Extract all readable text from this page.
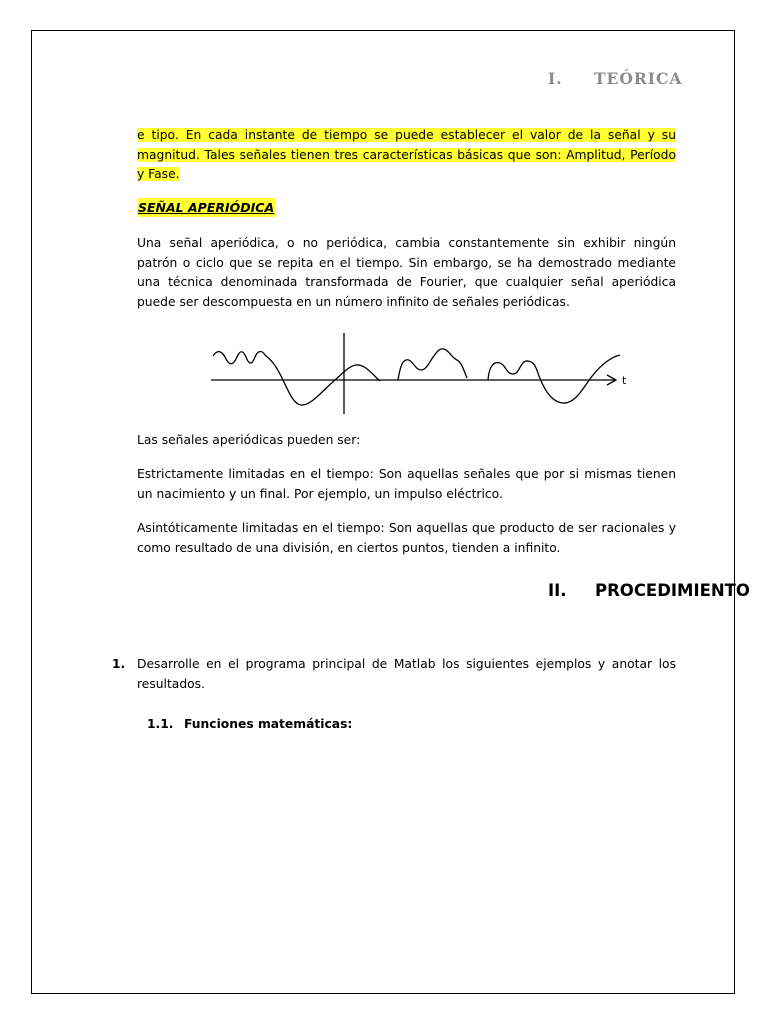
I. TEÓRICA

e tipo. En cada instante de tiempo se puede establecer el valor de la señal y su magnitud. Tales señales tienen tres características básicas que son: Amplitud, Período y Fase.

SEÑAL APERIÓDICA

Una señal aperiódica, o no periódica, cambia constantemente sin exhibir ningún patrón o ciclo que se repita en el tiempo. Sin embargo, se ha demostrado mediante una técnica denominada transformada de Fourier, que cualquier señal aperiódica puede ser descompuesta en un número infinito de señales periódicas.

t

Las señales aperiódicas pueden ser:

Estrictamente limitadas en el tiempo: Son aquellas señales que por si mismas tienen un nacimiento y un final. Por ejemplo, un impulso eléctrico.

Asintóticamente limitadas en el tiempo: Son aquellas que producto de ser racionales y como resultado de una división, en ciertos puntos, tienden a infinito.

II. PROCEDIMIENTO
1. Desarrolle en el programa principal de Matlab los siguientes ejemplos y anotar los resultados.
1.1. Funciones matemáticas:
